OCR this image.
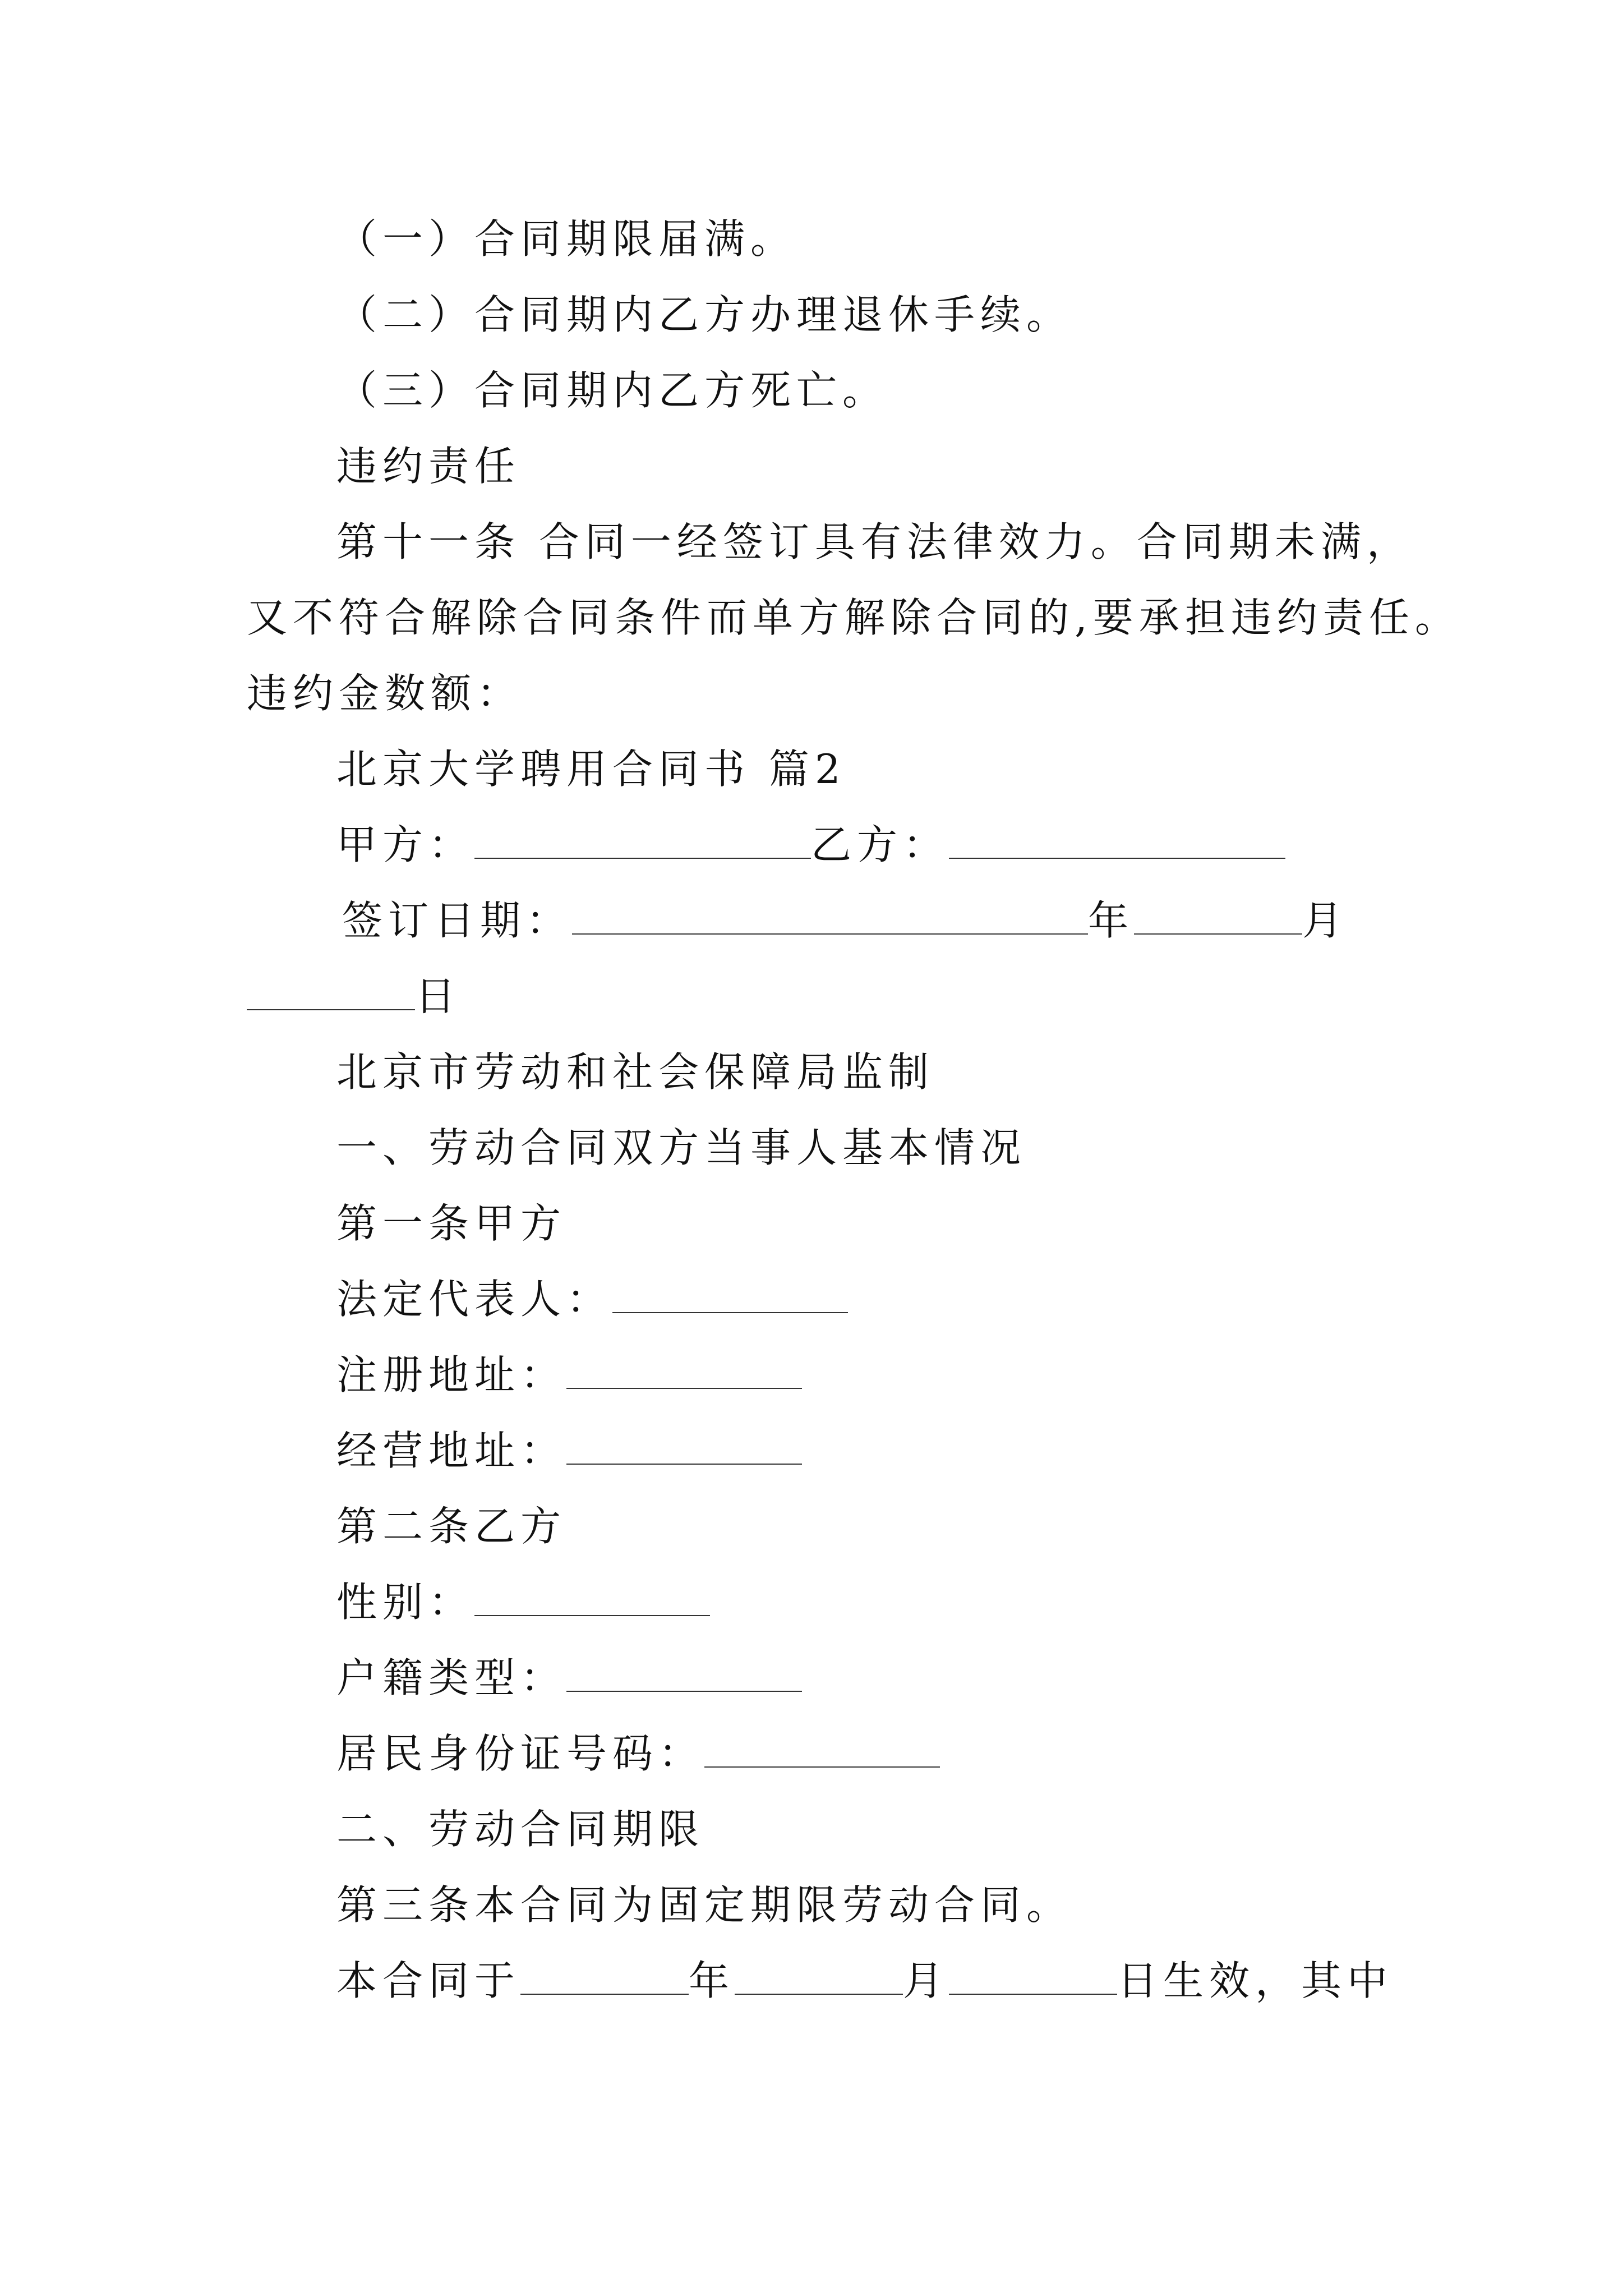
（一）合同期限届满。
（二）合同期内乙方办理退休手续。
（三）合同期内乙方死亡。
违约责任
第十一条 合同一经签订具有法律效力。合同期未满，
又不符合解除合同条件而单方解除合同的,要承担违约责任。
违约金数额：
北京大学聘用合同书 篇2
甲方：	乙方：
签订日期：	年	月
日
北京市劳动和社会保障局监制
一、劳动合同双方当事人基本情况
第一条甲方
法定代表人：
注册地址：
经营地址：
第二条乙方
性别：
户籍类型：
居民身份证号码：
二、劳动合同期限
第三条本合同为固定期限劳动合同。
本合同于	年	月	日生效，其中
